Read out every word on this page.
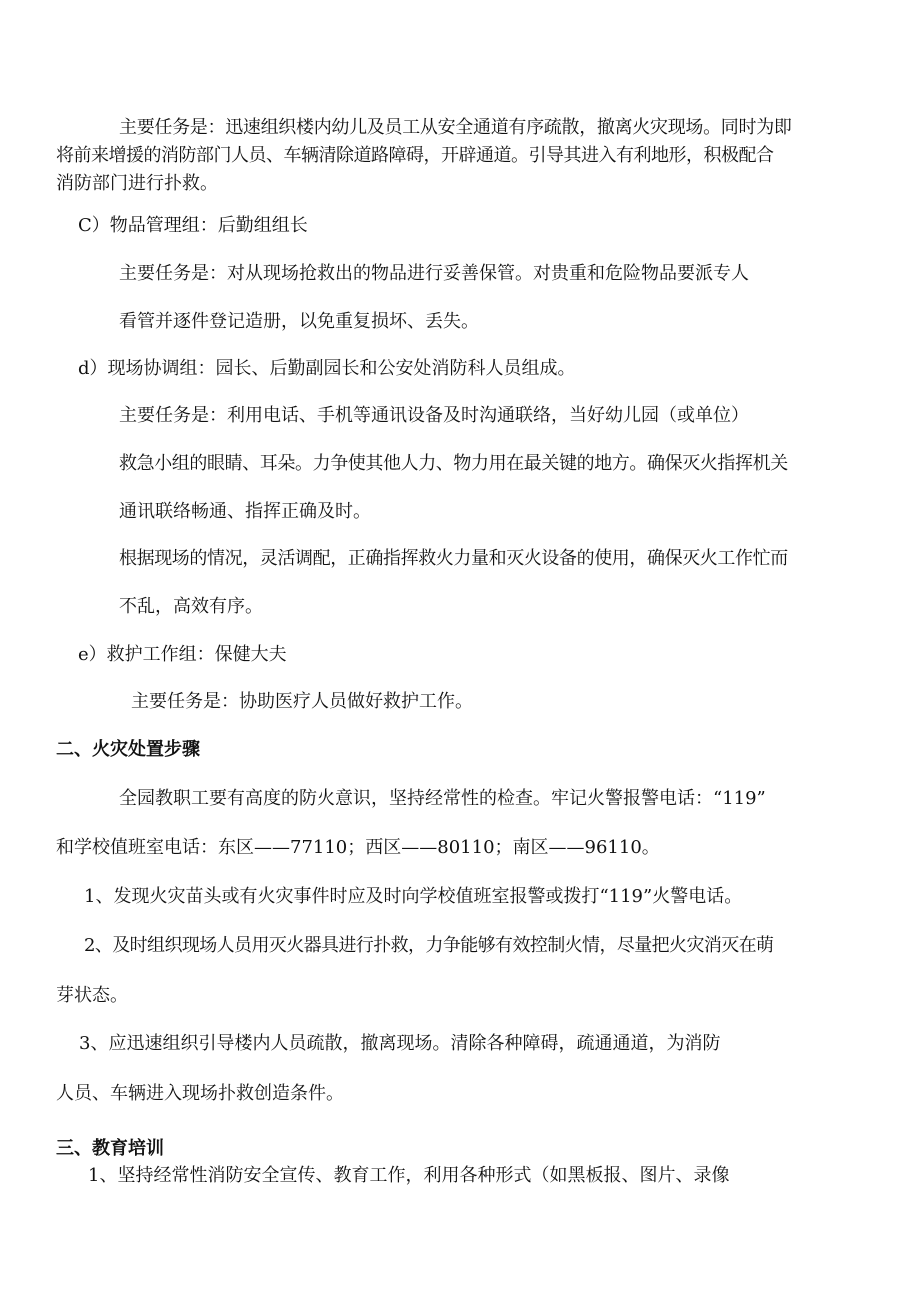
主要任务是：迅速组织楼内幼儿及员工从安全通道有序疏散，撤离火灾现场。同时为即
将前来增援的消防部门人员、车辆清除道路障碍，开辟通道。引导其进入有利地形，积极配合
消防部门进行扑救。
C）物品管理组：后勤组组长
主要任务是：对从现场抢救出的物品进行妥善保管。对贵重和危险物品要派专人
看管并逐件登记造册，以免重复损坏、丢失。
d）现场协调组：园长、后勤副园长和公安处消防科人员组成。
主要任务是：利用电话、手机等通讯设备及时沟通联络，当好幼儿园（或单位）
救急小组的眼睛、耳朵。力争使其他人力、物力用在最关键的地方。确保灭火指挥机关
通讯联络畅通、指挥正确及时。
根据现场的情况，灵活调配，正确指挥救火力量和灭火设备的使用，确保灭火工作忙而
不乱，高效有序。
e）救护工作组：保健大夫
主要任务是：协助医疗人员做好救护工作。
二、火灾处置步骤
全园教职工要有高度的防火意识，坚持经常性的检查。牢记火警报警电话：“119”
和学校值班室电话：东区——77110；西区——80110；南区——96110。
1、发现火灾苗头或有火灾事件时应及时向学校值班室报警或拨打“119”火警电话。
2、及时组织现场人员用灭火器具进行扑救，力争能够有效控制火情，尽量把火灾消灭在萌
芽状态。
3、应迅速组织引导楼内人员疏散，撤离现场。清除各种障碍，疏通通道，为消防
人员、车辆进入现场扑救创造条件。
三、教育培训
1、坚持经常性消防安全宣传、教育工作，利用各种形式（如黑板报、图片、录像
